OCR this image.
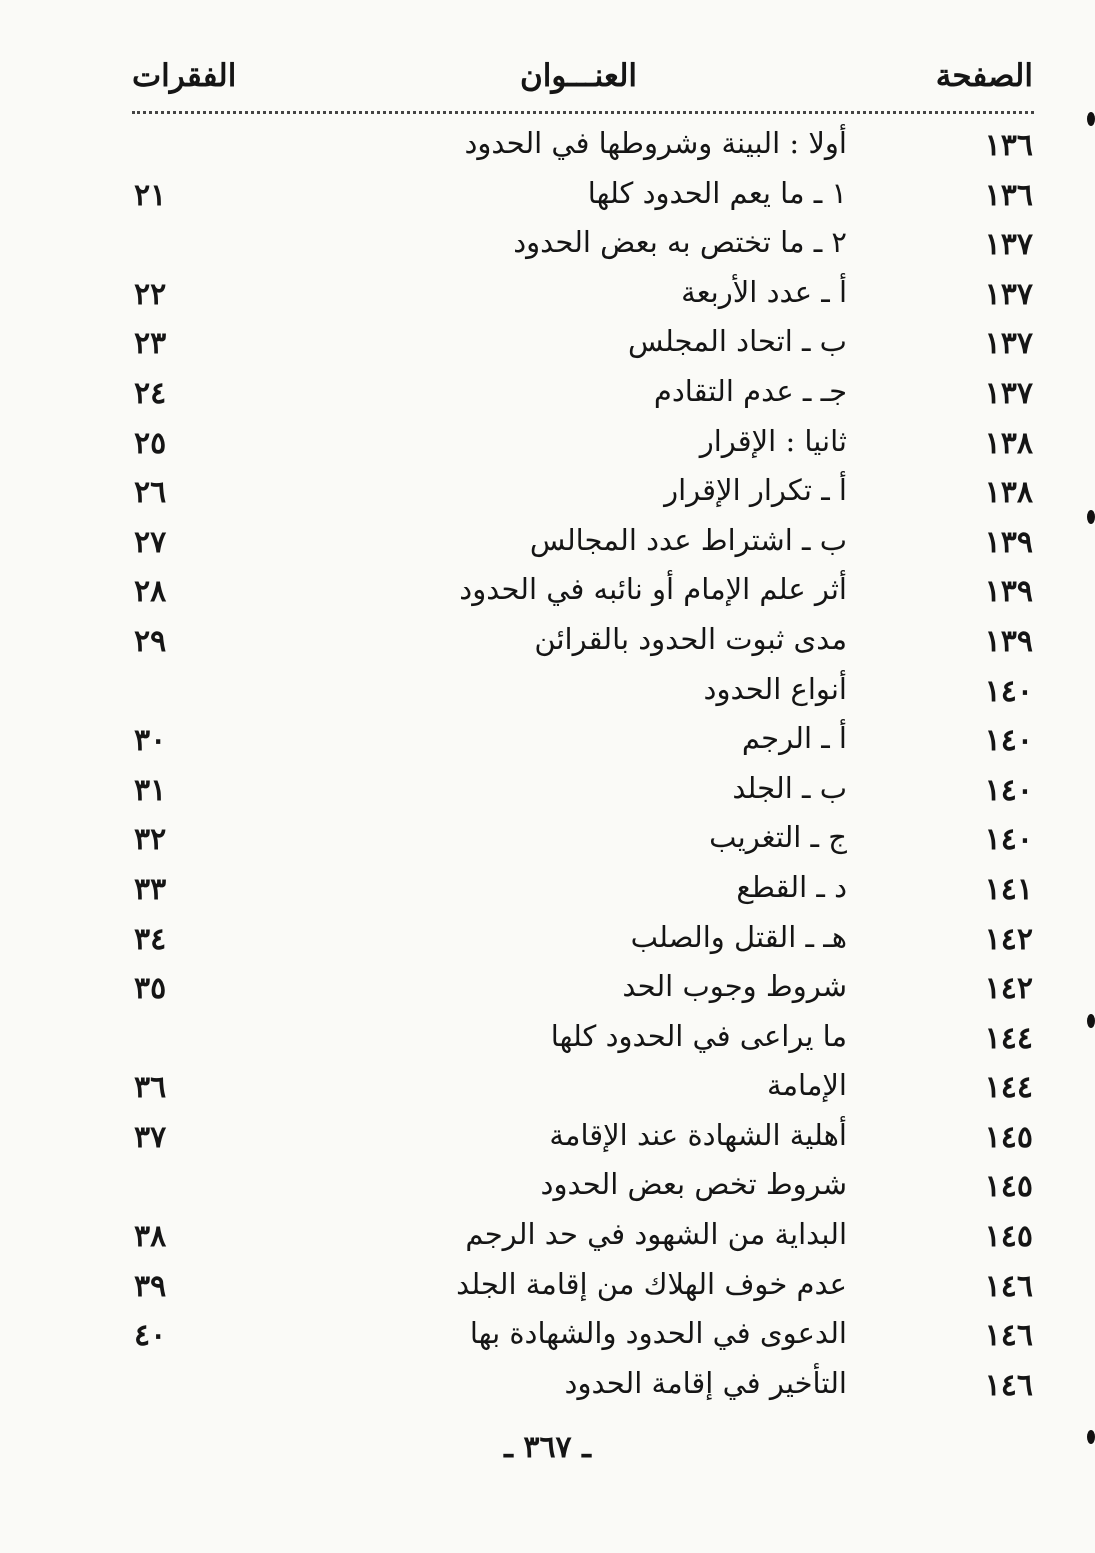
الصفحة
العنـــوان
الفقرات
١٣٦
أولا : البينة وشروطها في الحدود
١٣٦
١ ـ ما يعم الحدود كلها
٢١
١٣٧
٢ ـ ما تختص به بعض الحدود
١٣٧
أ ـ عدد الأربعة
٢٢
١٣٧
ب ـ اتحاد المجلس
٢٣
١٣٧
جـ ـ عدم التقادم
٢٤
١٣٨
ثانيا : الإقرار
٢٥
١٣٨
أ ـ تكرار الإقرار
٢٦
١٣٩
ب ـ اشتراط عدد المجالس
٢٧
١٣٩
أثر علم الإمام أو نائبه في الحدود
٢٨
١٣٩
مدى ثبوت الحدود بالقرائن
٢٩
١٤٠
أنواع الحدود
١٤٠
أ ـ الرجم
٣٠
١٤٠
ب ـ الجلد
٣١
١٤٠
ج ـ التغريب
٣٢
١٤١
د ـ القطع
٣٣
١٤٢
هـ ـ القتل والصلب
٣٤
١٤٢
شروط وجوب الحد
٣٥
١٤٤
ما يراعى في الحدود كلها
١٤٤
الإمامة
٣٦
١٤٥
أهلية الشهادة عند الإقامة
٣٧
١٤٥
شروط تخص بعض الحدود
١٤٥
البداية من الشهود في حد الرجم
٣٨
١٤٦
عدم خوف الهلاك من إقامة الجلد
٣٩
١٤٦
الدعوى في الحدود والشهادة بها
٤٠
١٤٦
التأخير في إقامة الحدود
ـ ٣٦٧ ـ
